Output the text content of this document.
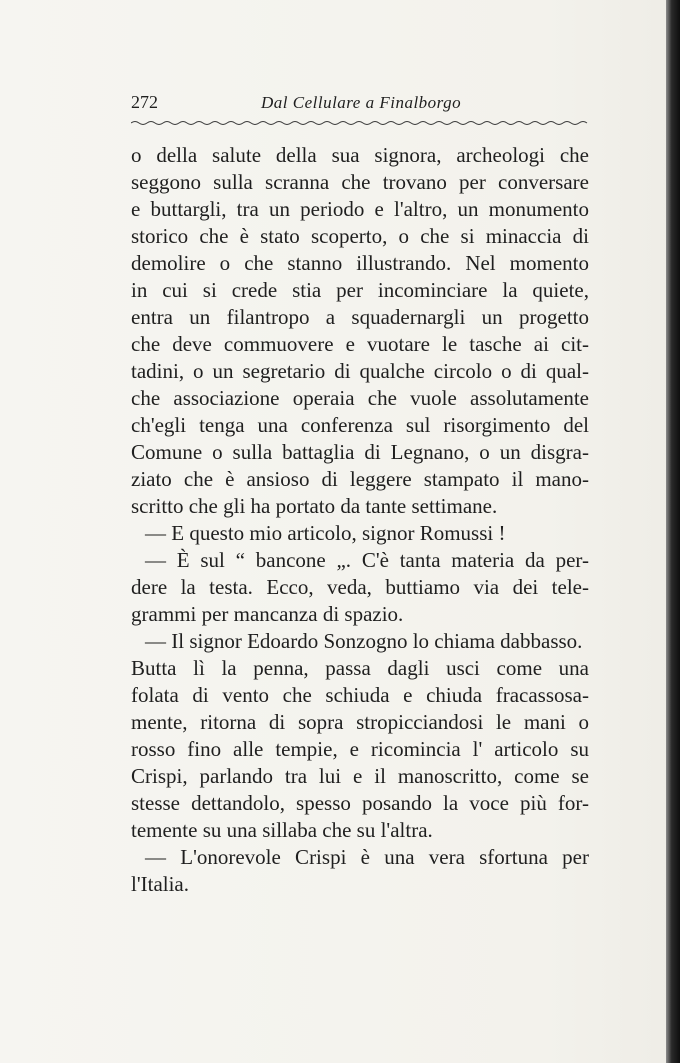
272	Dal Cellulare a Finalborgo
o della salute della sua signora, archeologi che
seggono sulla scranna che trovano per conversare
e buttargli, tra un periodo e l'altro, un monumento
storico che è stato scoperto, o che si minaccia di
demolire o che stanno illustrando. Nel momento
in cui si crede stia per incominciare la quiete,
entra un filantropo a squadernargli un progetto
che deve commuovere e vuotare le tasche ai cit-
tadini, o un segretario di qualche circolo o di qual-
che associazione operaia che vuole assolutamente
ch'egli tenga una conferenza sul risorgimento del
Comune o sulla battaglia di Legnano, o un disgra-
ziato che è ansioso di leggere stampato il mano-
scritto che gli ha portato da tante settimane.
— E questo mio articolo, signor Romussi !
— È sul “ bancone „. C'è tanta materia da per-
dere la testa. Ecco, veda, buttiamo via dei tele-
grammi per mancanza di spazio.
— Il signor Edoardo Sonzogno lo chiama dabbasso.
Butta lì la penna, passa dagli usci come una
folata di vento che schiuda e chiuda fracassosa-
mente, ritorna di sopra stropicciandosi le mani o
rosso fino alle tempie, e ricomincia l' articolo su
Crispi, parlando tra lui e il manoscritto, come se
stesse dettandolo, spesso posando la voce più for-
temente su una sillaba che su l'altra.
— L'onorevole Crispi è una vera sfortuna per
l'Italia.
